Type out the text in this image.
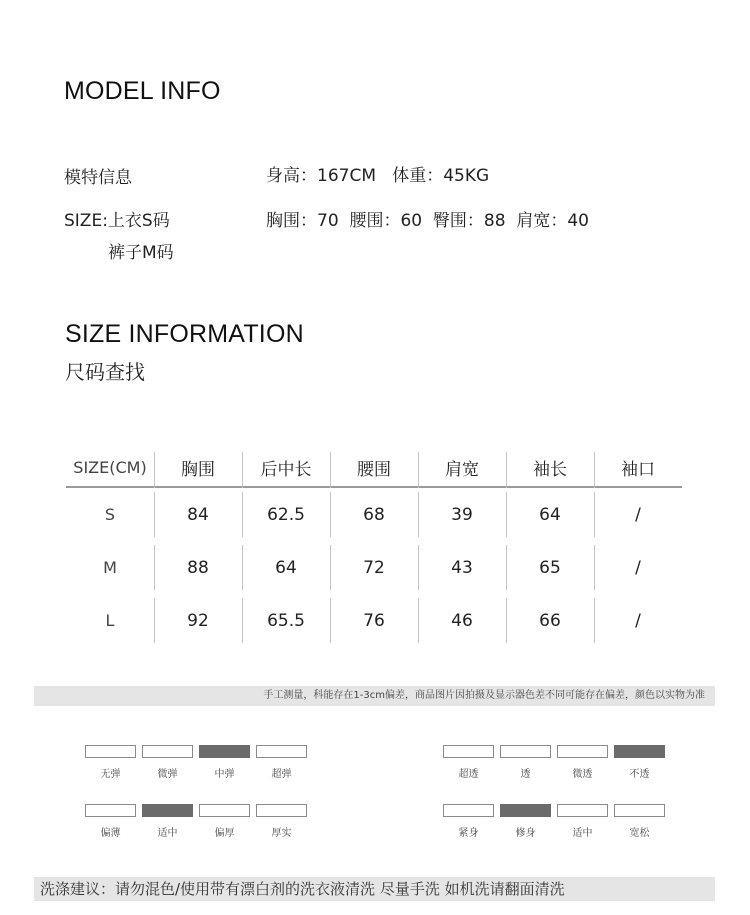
MODEL INFO
模特信息	身高：167CM   体重：45KG
SIZE:上衣S码	胸围：70  腰围：60  臀围：88  肩宽：40
裤子M码
SIZE INFORMATION
尺码查找
SIZE(CM)	胸围	后中长	腰围	肩宽	袖长	袖口
S	84	62.5	68	39	64	/
M	88	64	72	43	65	/
L	92	65.5	76	46	66	/
手工测量，科能存在1-3cm偏差，商品图片因拍摄及显示器色差不同可能存在偏差，颜色以实物为准
无弹	微弹	中弹	超弹	超透	透	微透	不透
偏薄	适中	偏厚	厚实	紧身	修身	适中	宽松
洗涤建议：请勿混色/使用带有漂白剂的洗衣液清洗 尽量手洗 如机洗请翻面清洗
